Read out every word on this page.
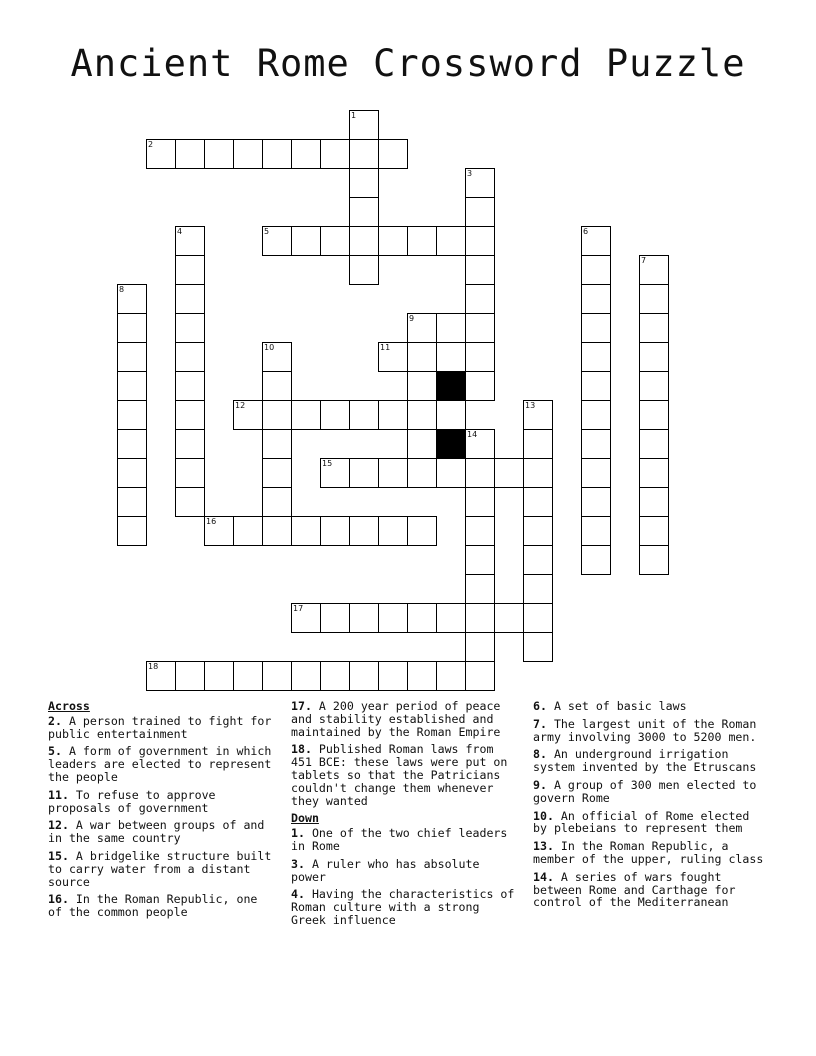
Ancient Rome Crossword Puzzle
1
2
3
4	5	6
7
8
9
10	11
12	13
14
15
16
17
18
Across
2. A person trained to fight for public entertainment
5. A form of government in which leaders are elected to represent the people
11. To refuse to approve proposals of government
12. A war between groups of and in the same country
15. A bridgelike structure built to carry water from a distant source
16. In the Roman Republic, one of the common people
17. A 200 year period of peace and stability established and maintained by the Roman Empire
18. Published Roman laws from 451 BCE: these laws were put on tablets so that the Patricians couldn't change them whenever they wanted
Down
1. One of the two chief leaders in Rome
3. A ruler who has absolute power
4. Having the characteristics of Roman culture with a strong Greek influence
6. A set of basic laws
7. The largest unit of the Roman army involving 3000 to 5200 men.
8. An underground irrigation system invented by the Etruscans
9. A group of 300 men elected to govern Rome
10. An official of Rome elected by plebeians to represent them
13. In the Roman Republic, a member of the upper, ruling class
14. A series of wars fought between Rome and Carthage for control of the Mediterranean
